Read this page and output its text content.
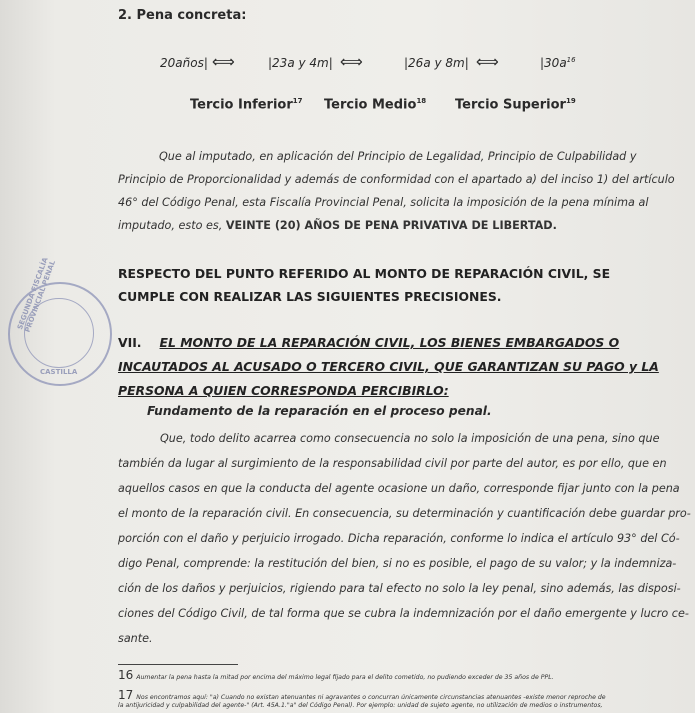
2. Pena concreta:
20años| ⟺	|23a y 4m| ⟺	|26a y 8m| ⟺	$|30a^{16}$
Tercio Inferior$^{17}$ Tercio Medio$^{18}$ Tercio Superior$^{19}$
Que al imputado, en aplicación del Principio de Legalidad, Principio de Culpabilidad y
Principio de Proporcionalidad y además de conformidad con el apartado a) del inciso 1) del artículo
46° del Código Penal, esta Fiscalía Provincial Penal, solicita la imposición de la pena mínima al
imputado, esto es, VEINTE (20) AÑOS DE PENA PRIVATIVA DE LIBERTAD.
RESPECTO DEL PUNTO REFERIDO AL MONTO DE REPARACIÓN CIVIL, SE
CUMPLE CON REALIZAR LAS SIGUIENTES PRECISIONES.
VII. EL MONTO DE LA REPARACIÓN CIVIL, LOS BIENES EMBARGADOS O
INCAUTADOS AL ACUSADO O TERCERO CIVIL, QUE GARANTIZAN SU PAGO y LA
PERSONA A QUIEN CORRESPONDA PERCIBIRLO:
Fundamento de la reparación en el proceso penal.
Que, todo delito acarrea como consecuencia no solo la imposición de una pena, sino que
también da lugar al surgimiento de la responsabilidad civil por parte del autor, es por ello, que en
aquellos casos en que la conducta del agente ocasione un daño, corresponde fijar junto con la pena
el monto de la reparación civil. En consecuencia, su determinación y cuantificación debe guardar pro-
porción con el daño y perjuicio irrogado. Dicha reparación, conforme lo indica el artículo 93° del Có-
digo Penal, comprende: la restitución del bien, si no es posible, el pago de su valor; y la indemniza-
ción de los daños y perjuicios, rigiendo para tal efecto no solo la ley penal, sino además, las disposi-
ciones del Código Civil, de tal forma que se cubra la indemnización por el daño emergente y lucro ce-
sante.
16 Aumentar la pena hasta la mitad por encima del máximo legal fijado para el delito cometido, no pudiendo exceder de 35 años de PPL.
17 Nos encontramos aquí: "a) Cuando no existan atenuantes ni agravantes o concurran únicamente circunstancias atenuantes -existe menor reproche de
la antijuricidad y culpabilidad del agente-" (Art. 45A.1."a" del Código Penal). Por ejemplo: unidad de sujeto agente, no utilización de medios o instrumentos,
SEGUNDA FISCALÍA PROVINCIAL PENAL
CASTILLA
